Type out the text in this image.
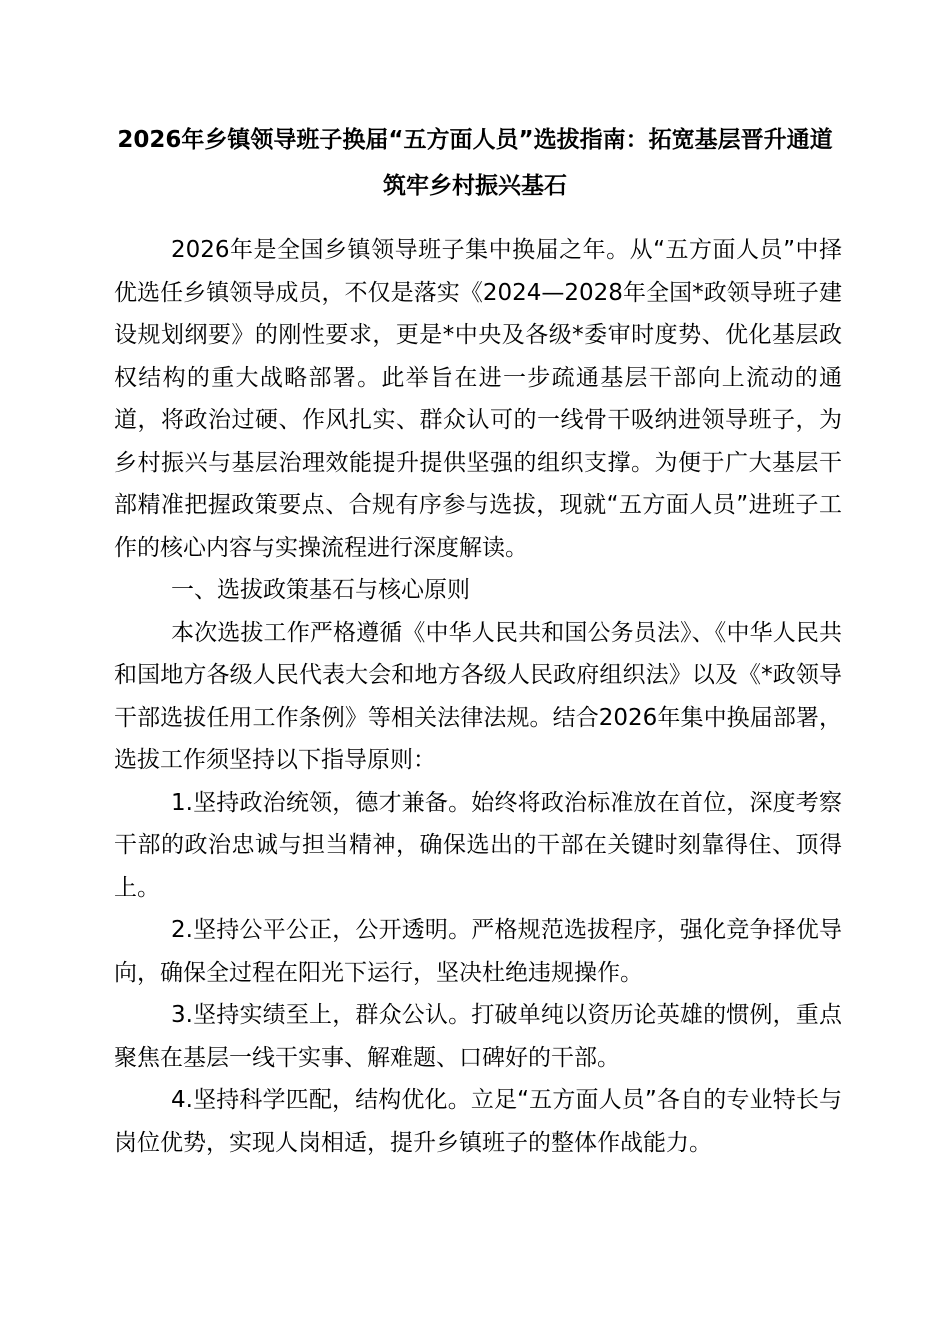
2026年乡镇领导班子换届“五方面人员”选拔指南：拓宽基层晋升通道 筑牢乡村振兴基石

2026年是全国乡镇领导班子集中换届之年。从“五方面人员”中择优选任乡镇领导成员，不仅是落实《2024—2028年全国*政领导班子建设规划纲要》的刚性要求，更是*中央及各级*委审时度势、优化基层政权结构的重大战略部署。此举旨在进一步疏通基层干部向上流动的通道，将政治过硬、作风扎实、群众认可的一线骨干吸纳进领导班子，为乡村振兴与基层治理效能提升提供坚强的组织支撑。为便于广大基层干部精准把握政策要点、合规有序参与选拔，现就“五方面人员”进班子工作的核心内容与实操流程进行深度解读。

一、选拔政策基石与核心原则

本次选拔工作严格遵循《中华人民共和国公务员法》、《中华人民共和国地方各级人民代表大会和地方各级人民政府组织法》以及《*政领导干部选拔任用工作条例》等相关法律法规。结合2026年集中换届部署，选拔工作须坚持以下指导原则：

1.坚持政治统领，德才兼备。始终将政治标准放在首位，深度考察干部的政治忠诚与担当精神，确保选出的干部在关键时刻靠得住、顶得上。

2.坚持公平公正，公开透明。严格规范选拔程序，强化竞争择优导向，确保全过程在阳光下运行，坚决杜绝违规操作。

3.坚持实绩至上，群众公认。打破单纯以资历论英雄的惯例，重点聚焦在基层一线干实事、解难题、口碑好的干部。

4.坚持科学匹配，结构优化。立足“五方面人员”各自的专业特长与岗位优势，实现人岗相适，提升乡镇班子的整体作战能力。
